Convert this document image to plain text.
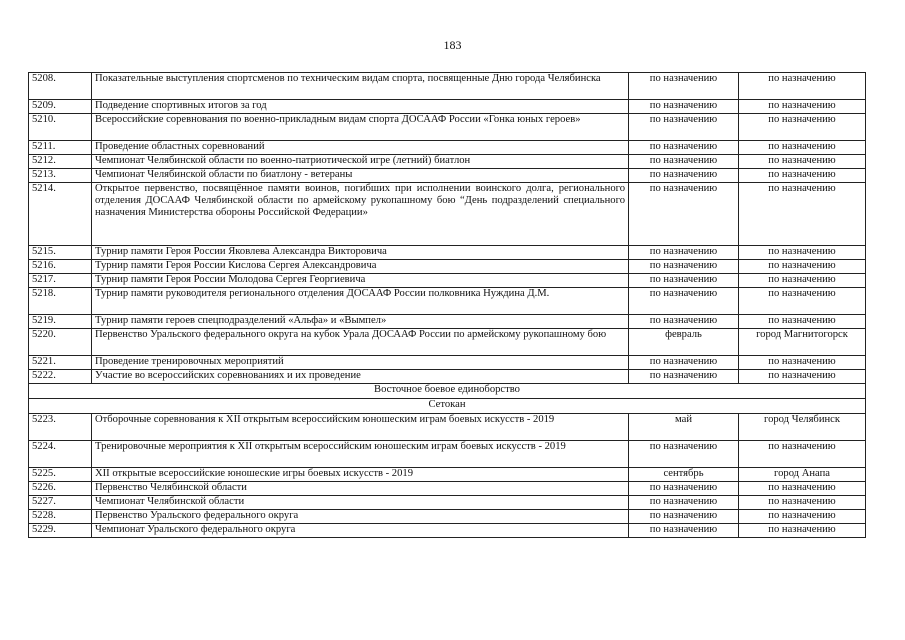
183
5208.	Показательные выступления спортсменов по техническим видам спорта, посвященные Дню города Челябинска	по назначению	по назначению
5209.	Подведение спортивных итогов за год	по назначению	по назначению
5210.	Всероссийские соревнования по военно-прикладным видам спорта ДОСААФ России «Гонка юных героев»	по назначению	по назначению
5211.	Проведение областных соревнований	по назначению	по назначению
5212.	Чемпионат Челябинской области по военно-патриотической игре (летний) биатлон	по назначению	по назначению
5213.	Чемпионат Челябинской области по биатлону - ветераны	по назначению	по назначению
5214.	Открытое первенство, посвящённое памяти воинов, погибших при исполнении воинского долга, регионального отделения ДОСААФ Челябинской области по армейскому рукопашному бою “День подразделений специального назначения Министерства обороны Российской Федерации»	по назначению	по назначению
5215.	Турнир памяти Героя России Яковлева Александра Викторовича	по назначению	по назначению
5216.	Турнир памяти Героя России Кислова Сергея Александровича	по назначению	по назначению
5217.	Турнир памяти Героя России Молодова Сергея Георгиевича	по назначению	по назначению
5218.	Турнир памяти руководителя регионального отделения ДОСААФ России полковника Нуждина Д.М.	по назначению	по назначению
5219.	Турнир памяти героев спецподразделений «Альфа» и «Вымпел»	по назначению	по назначению
5220.	Первенство Уральского федерального округа на кубок Урала ДОСААФ России по армейскому рукопашному бою	февраль	город Магнитогорск
5221.	Проведение тренировочных мероприятий	по назначению	по назначению
5222.	Участие во всероссийских соревнованиях и их проведение	по назначению	по назначению
Восточное боевое единоборство			
Сетокан			
5223.	Отборочные соревнования к XII открытым всероссийским юношеским играм боевых искусств - 2019	май	город Челябинск
5224.	Тренировочные мероприятия к XII открытым всероссийским юношеским играм боевых искусств - 2019	по назначению	по назначению
5225.	XII открытые всероссийские юношеские игры боевых искусств - 2019	сентябрь	город Анапа
5226.	Первенство Челябинской области	по назначению	по назначению
5227.	Чемпионат Челябинской области	по назначению	по назначению
5228.	Первенство Уральского федерального округа	по назначению	по назначению
5229.	Чемпионат Уральского федерального округа	по назначению	по назначению
